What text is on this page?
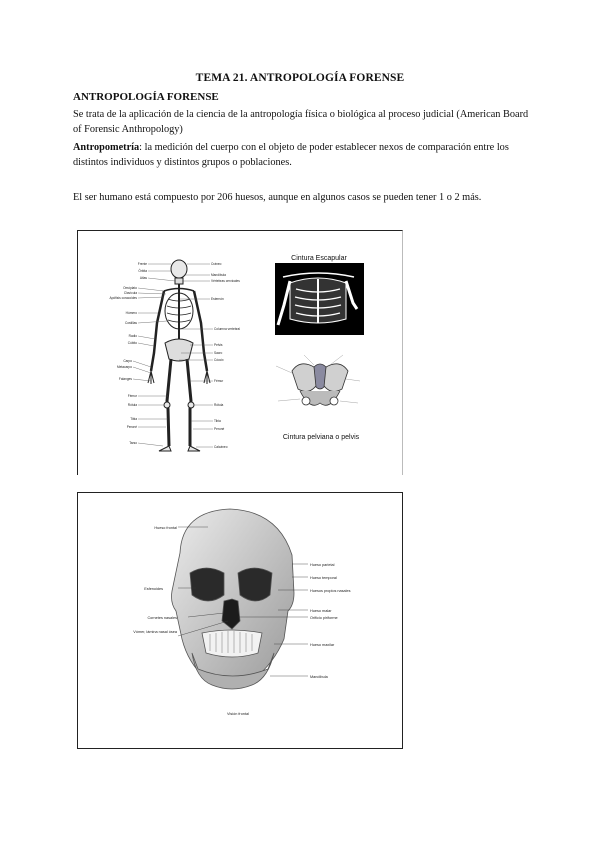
TEMA 21. ANTROPOLOGÍA FORENSE
ANTROPOLOGÍA FORENSE
Se trata de la aplicación de la ciencia de la antropología física o biológica al proceso judicial (American Board of Forensic Anthropology)
Antropometría: la medición del cuerpo con el objeto de poder establecer nexos de comparación entre los distintos individuos y distintos grupos o poblaciones.
El ser humano está compuesto por 206 huesos, aunque en algunos casos se pueden tener 1 o 2 más.
Frente
Órbita
Atlas
Omóplato
Clavícula
Apófisis coracoides
Húmero
Costillas
Radio
Cúbito
Carpo
Metacarpo
Falanges
Fémur
Rótula
Tibia
Peroné
Tarso
Cráneo
Mandíbula
Vértebras cervicales
Esternón
Columna vertebral
Pelvis
Sacro
Cóccix
Fémur
Rótula
Tibia
Peroné
Calcáneo
Cintura Escapular
Cintura pelviana o pelvis
Hueso frontal
Esfenoides
Cornetes nasales
Vómer, lámina nasal ósea
Hueso parietal
Hueso temporal
Huesos propios nasales
Hueso malar
Orificio piriforme
Hueso maxilar
Mandíbula
Visión frontal
